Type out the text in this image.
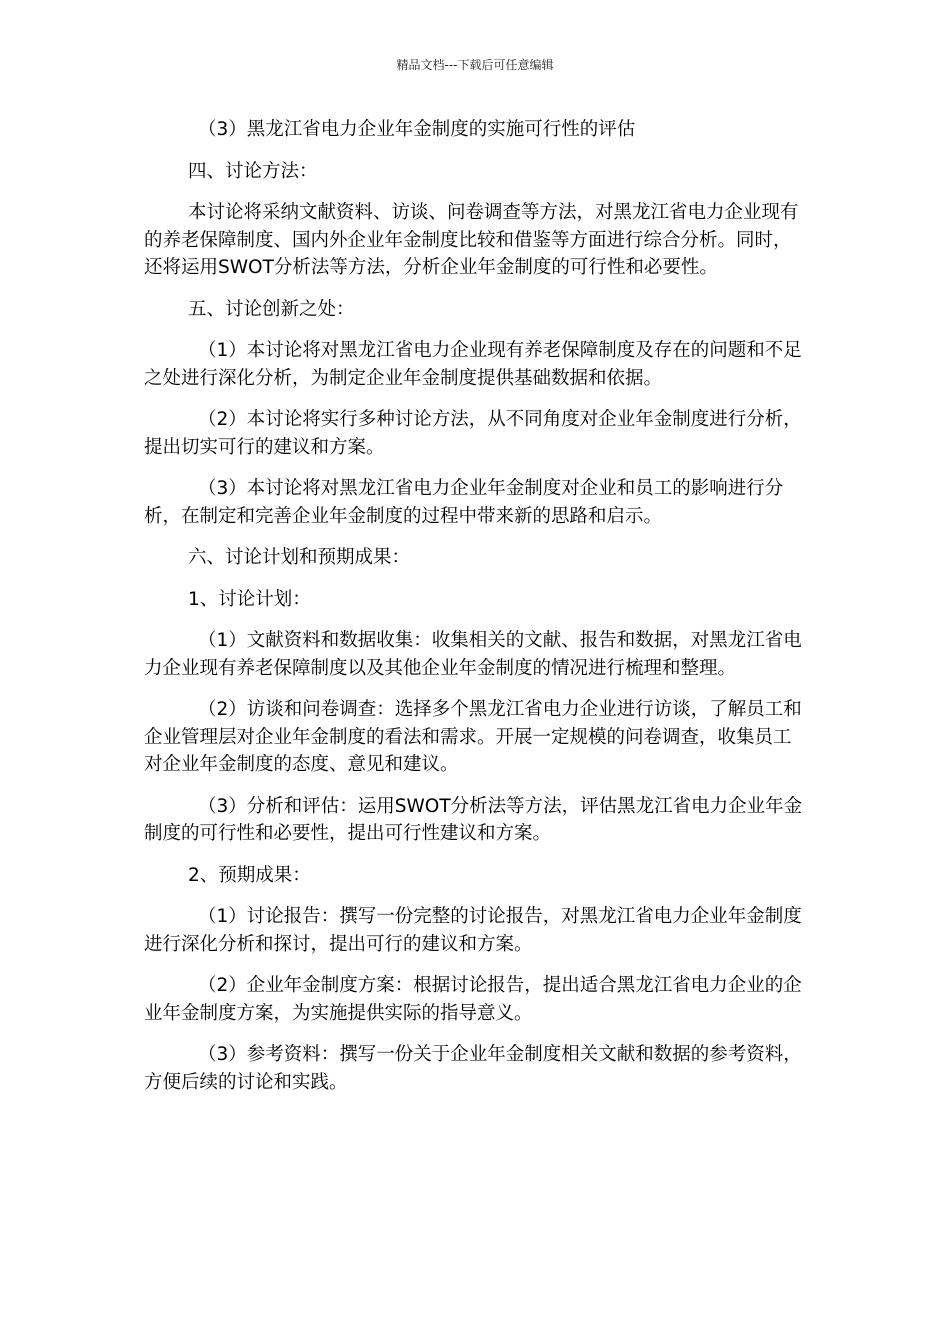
精品文档---下载后可任意编辑

（3）黑龙江省电力企业年金制度的实施可行性的评估

四、讨论方法：

本讨论将采纳文献资料、访谈、问卷调查等方法，对黑龙江省电力企业现有的养老保障制度、国内外企业年金制度比较和借鉴等方面进行综合分析。同时，还将运用SWOT分析法等方法，分析企业年金制度的可行性和必要性。

五、讨论创新之处：

（1）本讨论将对黑龙江省电力企业现有养老保障制度及存在的问题和不足之处进行深化分析，为制定企业年金制度提供基础数据和依据。

（2）本讨论将实行多种讨论方法，从不同角度对企业年金制度进行分析，提出切实可行的建议和方案。

（3）本讨论将对黑龙江省电力企业年金制度对企业和员工的影响进行分析，在制定和完善企业年金制度的过程中带来新的思路和启示。

六、讨论计划和预期成果：

1、讨论计划：

（1）文献资料和数据收集：收集相关的文献、报告和数据，对黑龙江省电力企业现有养老保障制度以及其他企业年金制度的情况进行梳理和整理。

（2）访谈和问卷调查：选择多个黑龙江省电力企业进行访谈，了解员工和企业管理层对企业年金制度的看法和需求。开展一定规模的问卷调查，收集员工对企业年金制度的态度、意见和建议。

（3）分析和评估：运用SWOT分析法等方法，评估黑龙江省电力企业年金制度的可行性和必要性，提出可行性建议和方案。

2、预期成果：

（1）讨论报告：撰写一份完整的讨论报告，对黑龙江省电力企业年金制度进行深化分析和探讨，提出可行的建议和方案。

（2）企业年金制度方案：根据讨论报告，提出适合黑龙江省电力企业的企业年金制度方案，为实施提供实际的指导意义。

（3）参考资料：撰写一份关于企业年金制度相关文献和数据的参考资料，方便后续的讨论和实践。
